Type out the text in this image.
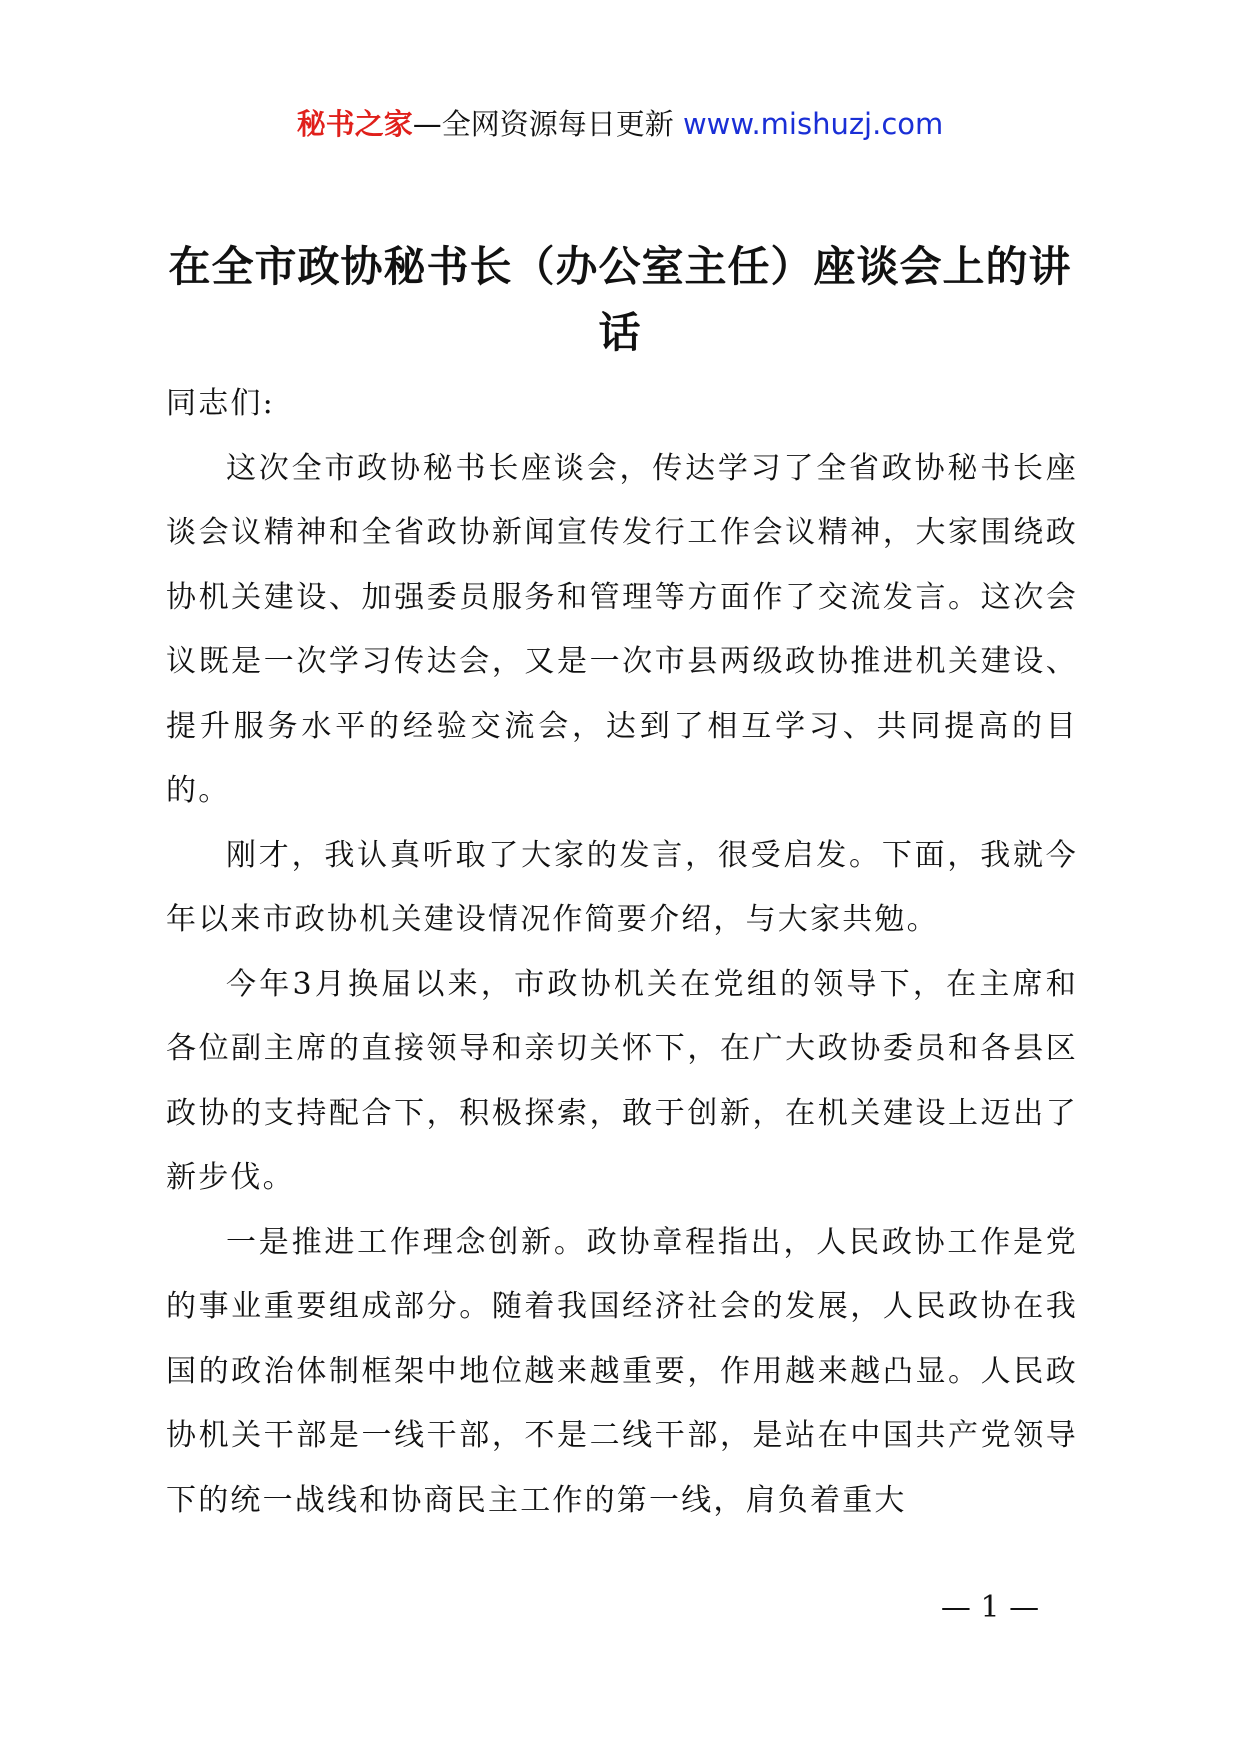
秘书之家—全网资源每日更新 www.mishuzj.com
在全市政协秘书长（办公室主任）座谈会上的讲话

同志们:

这次全市政协秘书长座谈会，传达学习了全省政协秘书长座谈会议精神和全省政协新闻宣传发行工作会议精神，大家围绕政协机关建设、加强委员服务和管理等方面作了交流发言。这次会议既是一次学习传达会，又是一次市县两级政协推进机关建设、提升服务水平的经验交流会，达到了相互学习、共同提高的目的。

刚才，我认真听取了大家的发言，很受启发。下面，我就今年以来市政协机关建设情况作简要介绍，与大家共勉。

今年3月换届以来，市政协机关在党组的领导下，在主席和各位副主席的直接领导和亲切关怀下，在广大政协委员和各县区政协的支持配合下，积极探索，敢于创新，在机关建设上迈出了新步伐。

一是推进工作理念创新。政协章程指出，人民政协工作是党的事业重要组成部分。随着我国经济社会的发展，人民政协在我国的政治体制框架中地位越来越重要，作用越来越凸显。人民政协机关干部是一线干部，不是二线干部，是站在中国共产党领导下的统一战线和协商民主工作的第一线，肩负着重大

— 1 —
